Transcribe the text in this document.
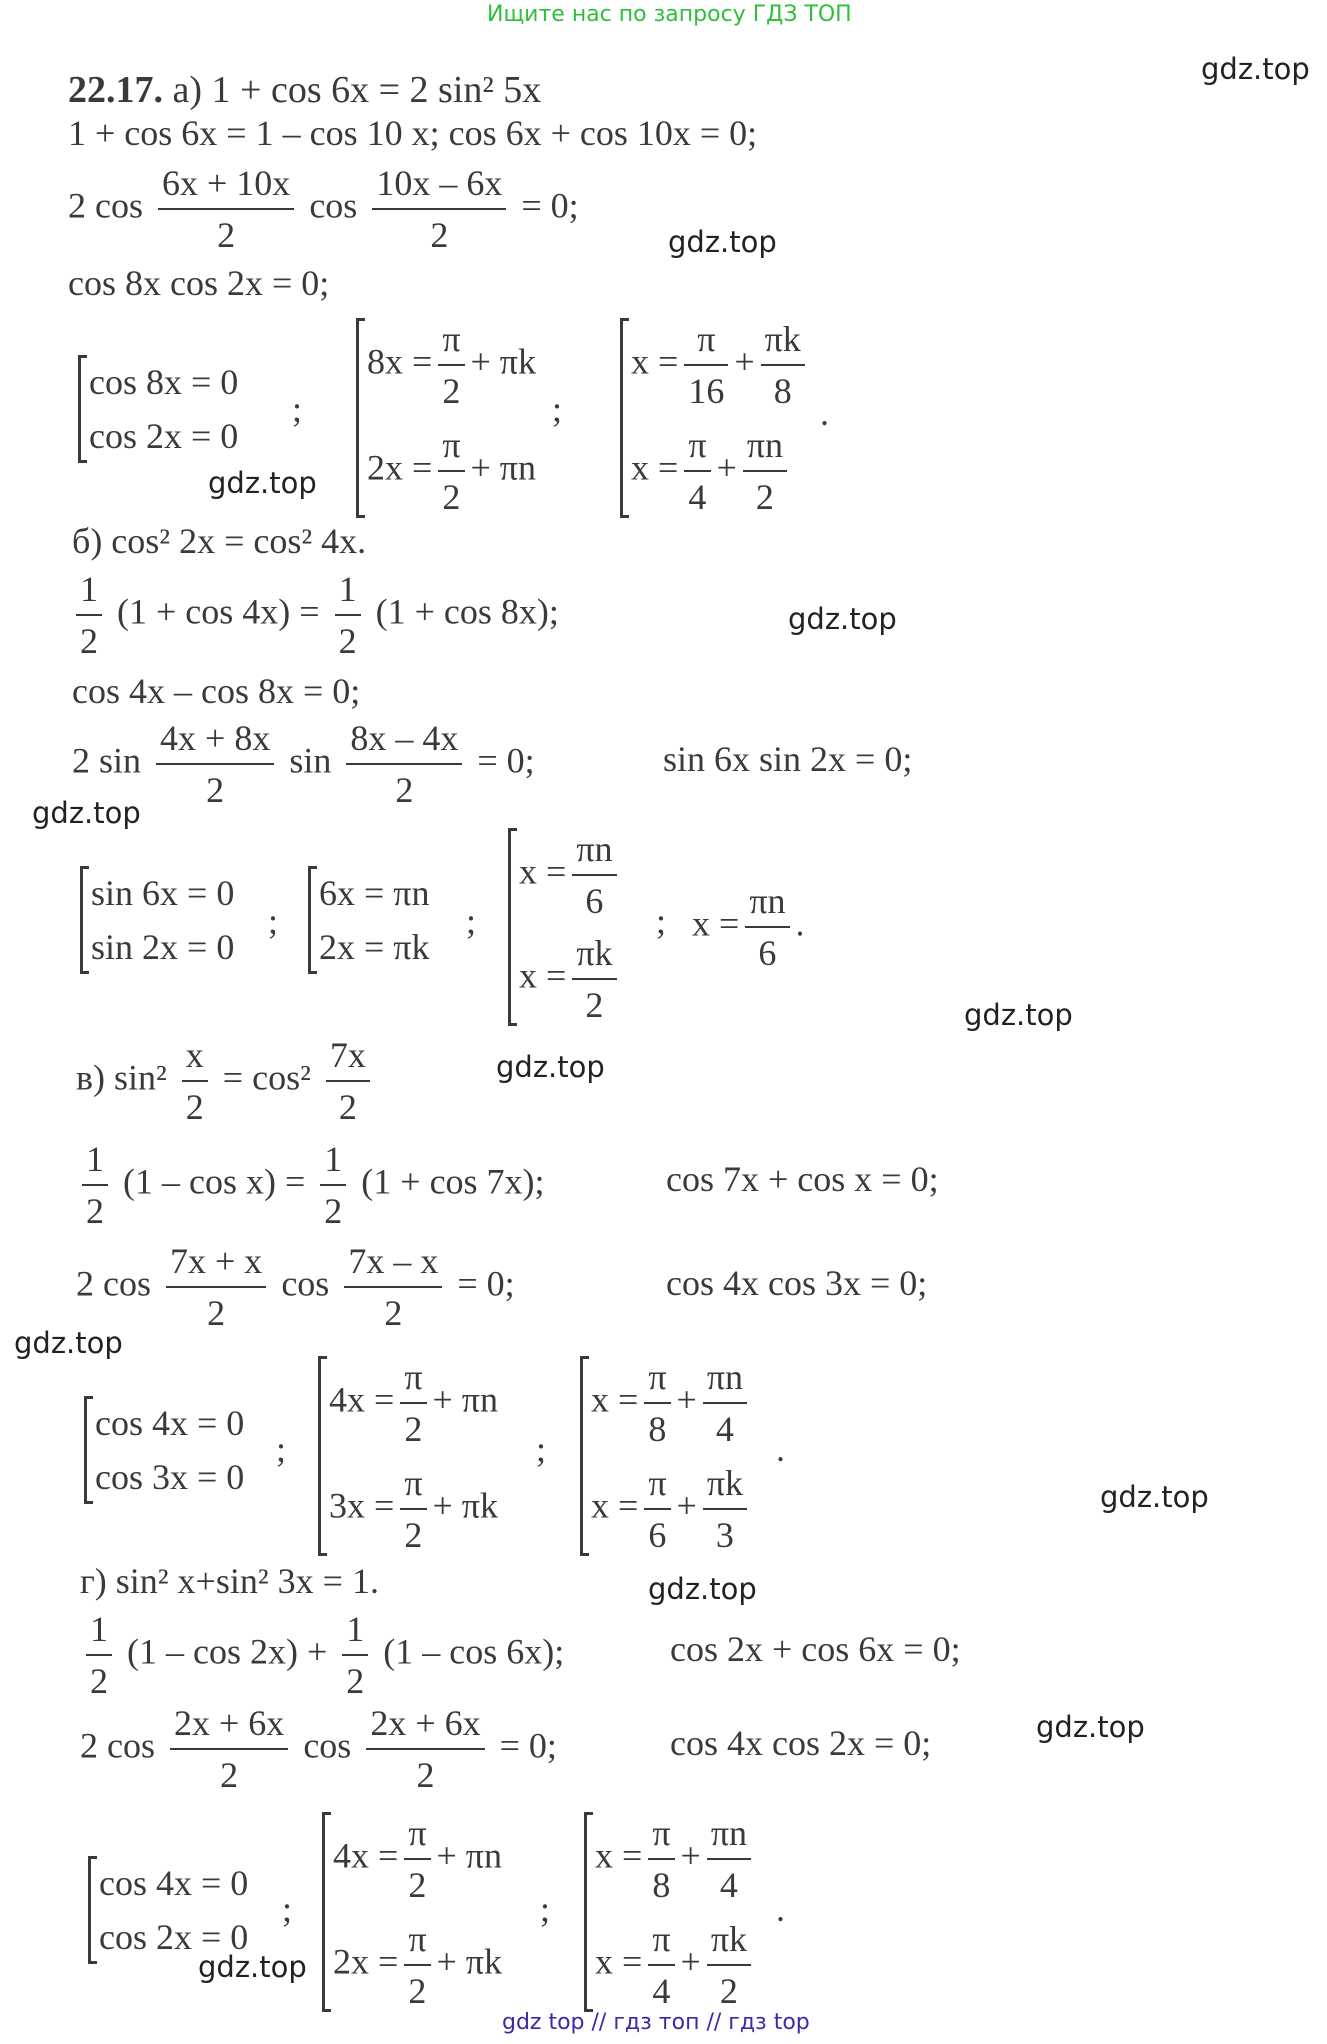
Ищите нас по запросу ГДЗ ТОП
22.17. а) 1 + cos 6x = 2 sin² 5x
1 + cos 6x = 1 – cos 10 x; cos 6x + cos 10x = 0;
2 $\cos \frac{6x + 10x}{2}$ $\cos \frac{10x - 6x}{2} = 0$;
cos 8x cos 2x = 0;
cos 8x = 0
cos 2x = 0
;
$8x = \frac{\pi}{2} + \pi k$
$2x = \frac{\pi}{2} + \pi n$
;
$x = \frac{\pi}{16} + \frac{\pi k}{8}$
$x = \frac{\pi}{4} + \frac{\pi n}{2}$
.
б) cos² 2x = cos² 4x.
$\frac{1}{2} (1 + \cos 4x) = \frac{1}{2} (1 + \cos 8x)$;
cos 4x – cos 8x = 0;
2 $\sin \frac{4x + 8x}{2}$ $\sin \frac{8x - 4x}{2} = 0$;	sin 6x sin 2x = 0;
sin 6x = 0
sin 2x = 0
;
6x = πn
2x = πk
;
$x = \frac{\pi n}{6}$
$x = \frac{\pi k}{2}$
; $x = \frac{\pi n}{6}$ .
в) $\sin^2 \frac{x}{2} = \cos^2 \frac{7x}{2}$
$\frac{1}{2} (1 - \cos x) = \frac{1}{2} (1 + \cos 7x)$;	cos 7x + cos x = 0;
2 $\cos \frac{7x + x}{2}$ $\cos \frac{7x - x}{2} = 0$;	cos 4x cos 3x = 0;
cos 4x = 0
cos 3x = 0
;
$4x = \frac{\pi}{2} + \pi n$
$3x = \frac{\pi}{2} + \pi k$
;
$x = \frac{\pi}{8} + \frac{\pi n}{4}$
$x = \frac{\pi}{6} + \frac{\pi k}{3}$
.
г) sin² x+sin² 3x = 1.
$\frac{1}{2} (1 - \cos 2x) + \frac{1}{2} (1 - \cos 6x)$;	cos 2x + cos 6x = 0;
2 $\cos \frac{2x + 6x}{2}$ $\cos \frac{2x + 6x}{2} = 0$;	cos 4x cos 2x = 0;
cos 4x = 0
cos 2x = 0
;
$4x = \frac{\pi}{2} + \pi n$
$2x = \frac{\pi}{2} + \pi k$
;
$x = \frac{\pi}{8} + \frac{\pi n}{4}$
$x = \frac{\pi}{4} + \frac{\pi k}{2}$
.
gdz.top
gdz.top
gdz.top
gdz.top
gdz.top
gdz.top
gdz.top
gdz.top
gdz.top
gdz.top
gdz.top
gdz.top
gdz top // гдз топ // гдз top
